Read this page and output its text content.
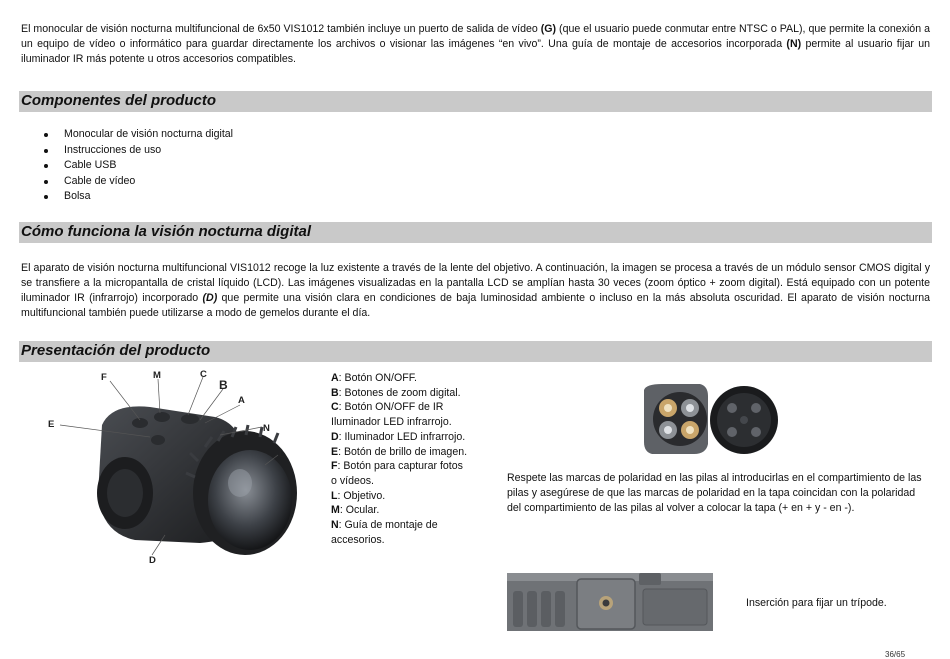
El monocular de visión nocturna multifuncional de 6x50 VIS1012 también incluye un puerto de salida de vídeo (G) (que el usuario puede conmutar entre NTSC o PAL), que permite la conexión a un equipo de vídeo o informático para guardar directamente los archivos o visionar las imágenes “en vivo”. Una guía de montaje de accesorios incorporada (N) permite al usuario fijar un iluminador IR más potente u otros accesorios compatibles.

Componentes del producto
Monocular de visión nocturna digital
Instrucciones de uso
Cable USB
Cable de vídeo
Bolsa
Cómo funciona la visión nocturna digital

El aparato de visión nocturna multifuncional VIS1012 recoge la luz existente a través de la lente del objetivo. A continuación, la imagen se procesa a través de un módulo sensor CMOS digital y se transfiere a la micropantalla de cristal líquido (LCD). Las imágenes visualizadas en la pantalla LCD se amplían hasta 30 veces (zoom óptico + zoom digital). Está equipado con un potente iluminador IR (infrarrojo) incorporado (D) que permite una visión clara en condiciones de baja luminosidad ambiente o incluso en la más absoluta oscuridad. El aparato de visión nocturna multifuncional también puede utilizarse a modo de gemelos durante el día.

Presentación del producto
F	M	C
B
A
E	N
L
D
A: Botón ON/OFF.
B: Botones de zoom digital.
C: Botón ON/OFF de IR Iluminador LED infrarrojo.
D: Iluminador LED infrarrojo.
E: Botón de brillo de imagen.
F: Botón para capturar fotos o vídeos.
L: Objetivo.
M: Ocular.
N: Guía de montaje de accesorios.
Respete las marcas de polaridad en las pilas al introducirlas en el compartimiento de las pilas y asegúrese de que las marcas de polaridad en la tapa coincidan con la polaridad del compartimiento de las pilas al volver a colocar la tapa (+ en + y - en -).
Inserción para fijar un trípode.
36/65
